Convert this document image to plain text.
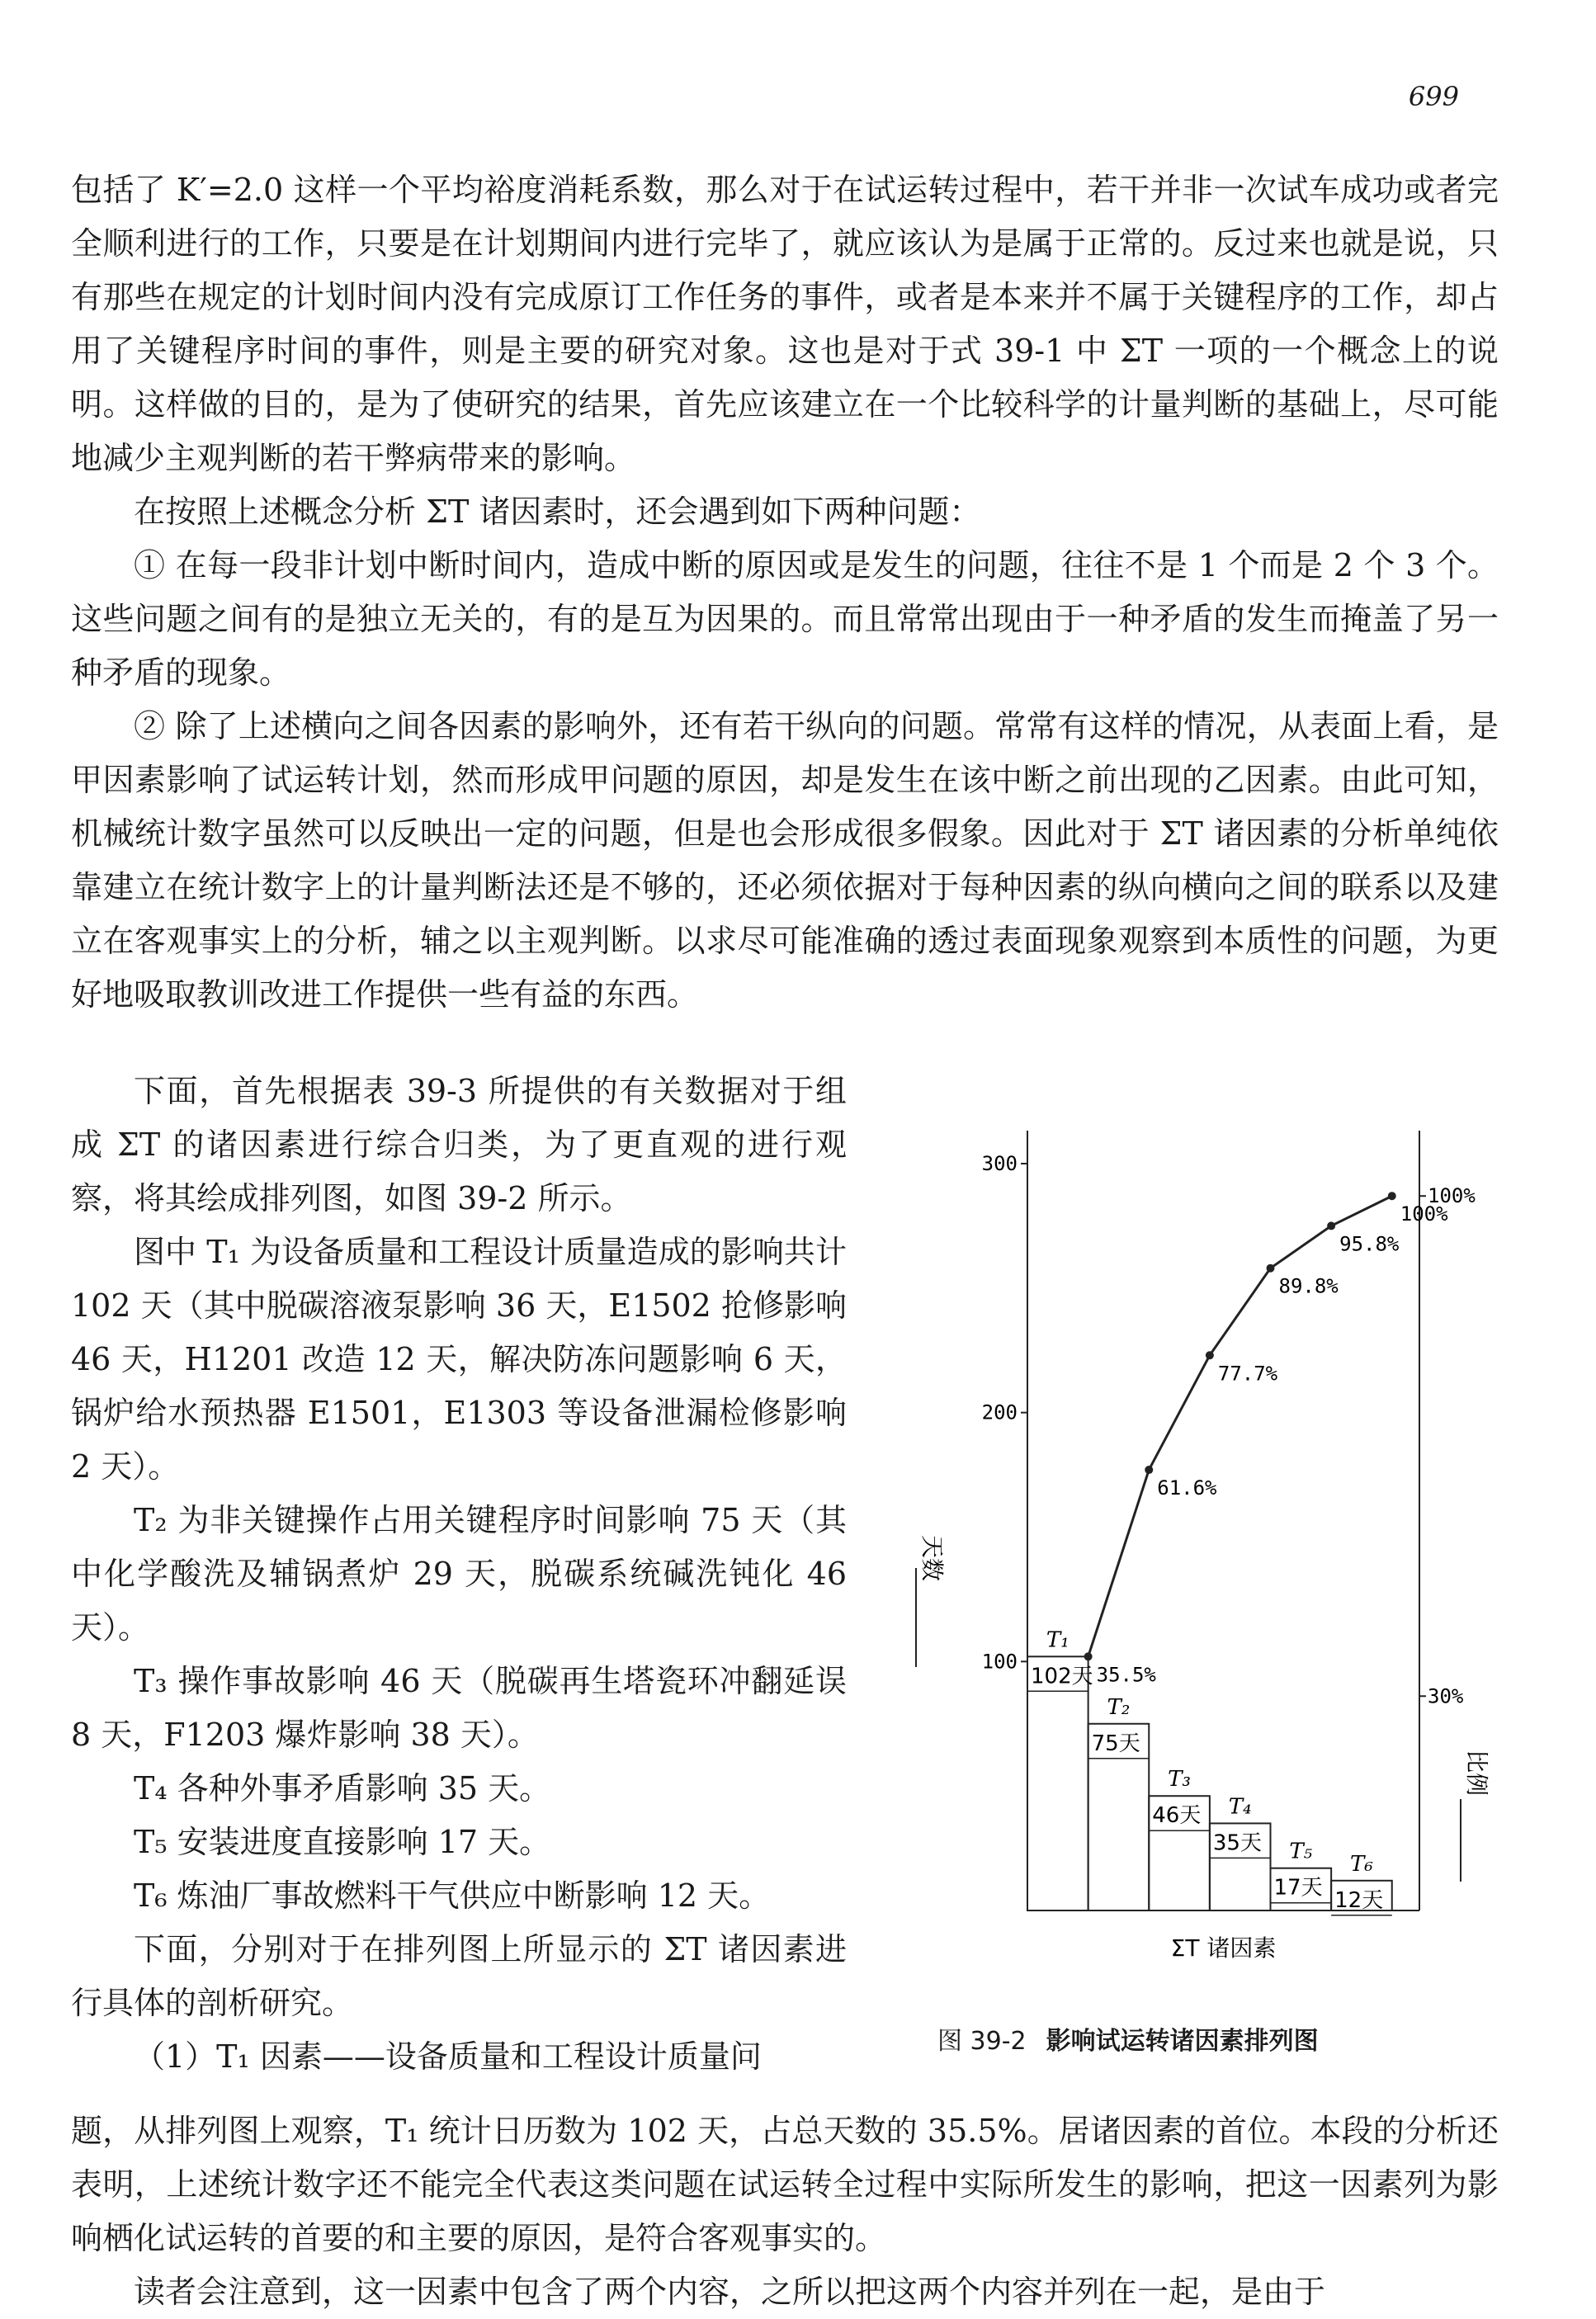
699

包括了 K′=2.0 这样一个平均裕度消耗系数，那么对于在试运转过程中，若干并非一次试车成功或者完全顺利进行的工作，只要是在计划期间内进行完毕了，就应该认为是属于正常的。反过来也就是说，只有那些在规定的计划时间内没有完成原订工作任务的事件，或者是本来并不属于关键程序的工作，却占用了关键程序时间的事件，则是主要的研究对象。这也是对于式 39-1 中 ΣT 一项的一个概念上的说明。这样做的目的，是为了使研究的结果，首先应该建立在一个比较科学的计量判断的基础上，尽可能地减少主观判断的若干弊病带来的影响。

在按照上述概念分析 ΣT 诸因素时，还会遇到如下两种问题：

① 在每一段非计划中断时间内，造成中断的原因或是发生的问题，往往不是 1 个而是 2 个 3 个。这些问题之间有的是独立无关的，有的是互为因果的。而且常常出现由于一种矛盾的发生而掩盖了另一种矛盾的现象。

② 除了上述横向之间各因素的影响外，还有若干纵向的问题。常常有这样的情况，从表面上看，是甲因素影响了试运转计划，然而形成甲问题的原因，却是发生在该中断之前出现的乙因素。由此可知，机械统计数字虽然可以反映出一定的问题，但是也会形成很多假象。因此对于 ΣT 诸因素的分析单纯依靠建立在统计数字上的计量判断法还是不够的，还必须依据对于每种因素的纵向横向之间的联系以及建立在客观事实上的分析，辅之以主观判断。以求尽可能准确的透过表面现象观察到本质性的问题，为更好地吸取教训改进工作提供一些有益的东西。

下面，首先根据表 39-3 所提供的有关数据对于组成 ΣT 的诸因素进行综合归类，为了更直观的进行观察，将其绘成排列图，如图 39-2 所示。

图中 T₁ 为设备质量和工程设计质量造成的影响共计 102 天（其中脱碳溶液泵影响 36 天，E1502 抢修影响 46 天，H1201 改造 12 天，解决防冻问题影响 6 天，锅炉给水预热器 E1501，E1303 等设备泄漏检修影响 2 天）。

T₂ 为非关键操作占用关键程序时间影响 75 天（其中化学酸洗及辅锅煮炉 29 天，脱碳系统碱洗钝化 46 天）。

T₃ 操作事故影响 46 天（脱碳再生塔瓷环冲翻延误 8 天，F1203 爆炸影响 38 天）。

T₄ 各种外事矛盾影响 35 天。

T₅ 安装进度直接影响 17 天。

T₆ 炼油厂事故燃料干气供应中断影响 12 天。

下面，分别对于在排列图上所显示的 ΣT 诸因素进行具体的剖析研究。

（1）T₁ 因素——设备质量和工程设计质量问

100
200
300
30%
100%
T₁
102天
T₂
75天
T₃
46天 T₄
35天 T₅
17天
T₆
12天
35.5%
61.6%
77.7%
89.8%
95.8%
100%
天数
比例
ΣT 诸因素
图 39-2 影响试运转诸因素排列图

题，从排列图上观察，T₁ 统计日历数为 102 天，占总天数的 35.5%。居诸因素的首位。本段的分析还表明，上述统计数字还不能完全代表这类问题在试运转全过程中实际所发生的影响，把这一因素列为影响栖化试运转的首要的和主要的原因，是符合客观事实的。

读者会注意到，这一因素中包含了两个内容，之所以把这两个内容并列在一起，是由于
